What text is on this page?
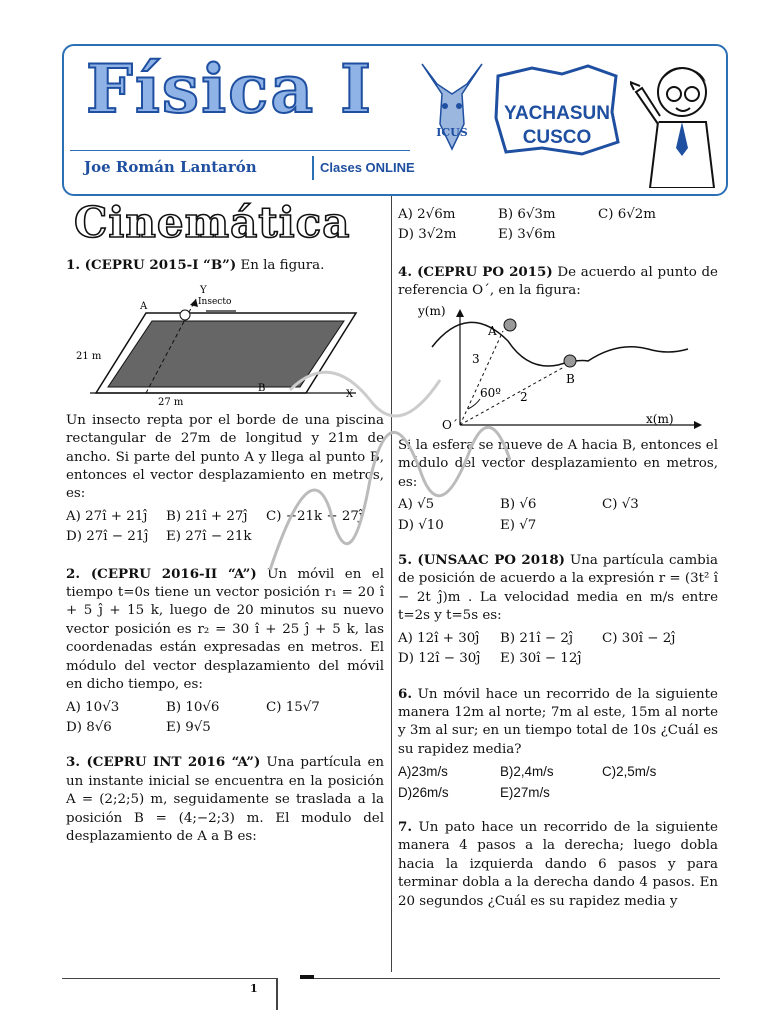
Física I
Joe Román Lantarón	Clases ONLINE
ICUS
YACHASUN
CUSCO
Cinemática

1. (CEPRU 2015-I “B”) En la figura.

Insecto
Y
X
A
B
21 m
27 m

Un insecto repta por el borde de una piscina rectangular de 27m de longitud y 21m de ancho. Si parte del punto A y llega al punto B, entonces el vector desplazamiento en metros, es:

A) 27î + 21ĵ	B) 21î + 27ĵ	C) −21k − 27ĵ
D) 27î − 21ĵ	E) 27î − 21k

2. (CEPRU 2016-II “A”) Un móvil en el tiempo t=0s tiene un vector posición r₁ = 20 î + 5 ĵ + 15 k, luego de 20 minutos su nuevo vector posición es r₂ = 30 î + 25 ĵ + 5 k, las coordenadas están expresadas en metros. El módulo del vector desplazamiento del móvil en dicho tiempo, es:

A) 10√3	B) 10√6	C) 15√7
D) 8√6	E) 9√5

3. (CEPRU INT 2016 “A”) Una partícula en un instante inicial se encuentra en la posición A = (2;2;5) m, seguidamente se traslada a la posición B = (4;−2;3) m. El modulo del desplazamiento de A a B es:

A) 2√6m	B) 6√3m	C) 6√2m
D) 3√2m	E) 3√6m

4. (CEPRU PO 2015) De acuerdo al punto de referencia O´, en la figura:

y(m)
x(m)
O´
A
B
3
2
60º

Si la esfera se mueve de A hacia B, entonces el módulo del vector desplazamiento en metros, es:

A) √5	B) √6	C) √3
D) √10	E) √7

5. (UNSAAC PO 2018) Una partícula cambia de posición de acuerdo a la expresión r = (3t² î − 2t ĵ)m . La velocidad media en m/s entre t=2s y t=5s es:

A) 12î + 30ĵ	B) 21î − 2ĵ	C) 30î − 2ĵ
D) 12î − 30ĵ	E) 30î − 12ĵ

6. Un móvil hace un recorrido de la siguiente manera 12m al norte; 7m al este, 15m al norte y 3m al sur; en un tiempo total de 10s ¿Cuál es su rapidez media?

A)23m/s	B)2,4m/s	C)2,5m/s
D)26m/s	E)27m/s

7. Un pato hace un recorrido de la siguiente manera 4 pasos a la derecha; luego dobla hacia la izquierda dando 6 pasos y para terminar dobla a la derecha dando 4 pasos. En 20 segundos ¿Cuál es su rapidez media y

1
